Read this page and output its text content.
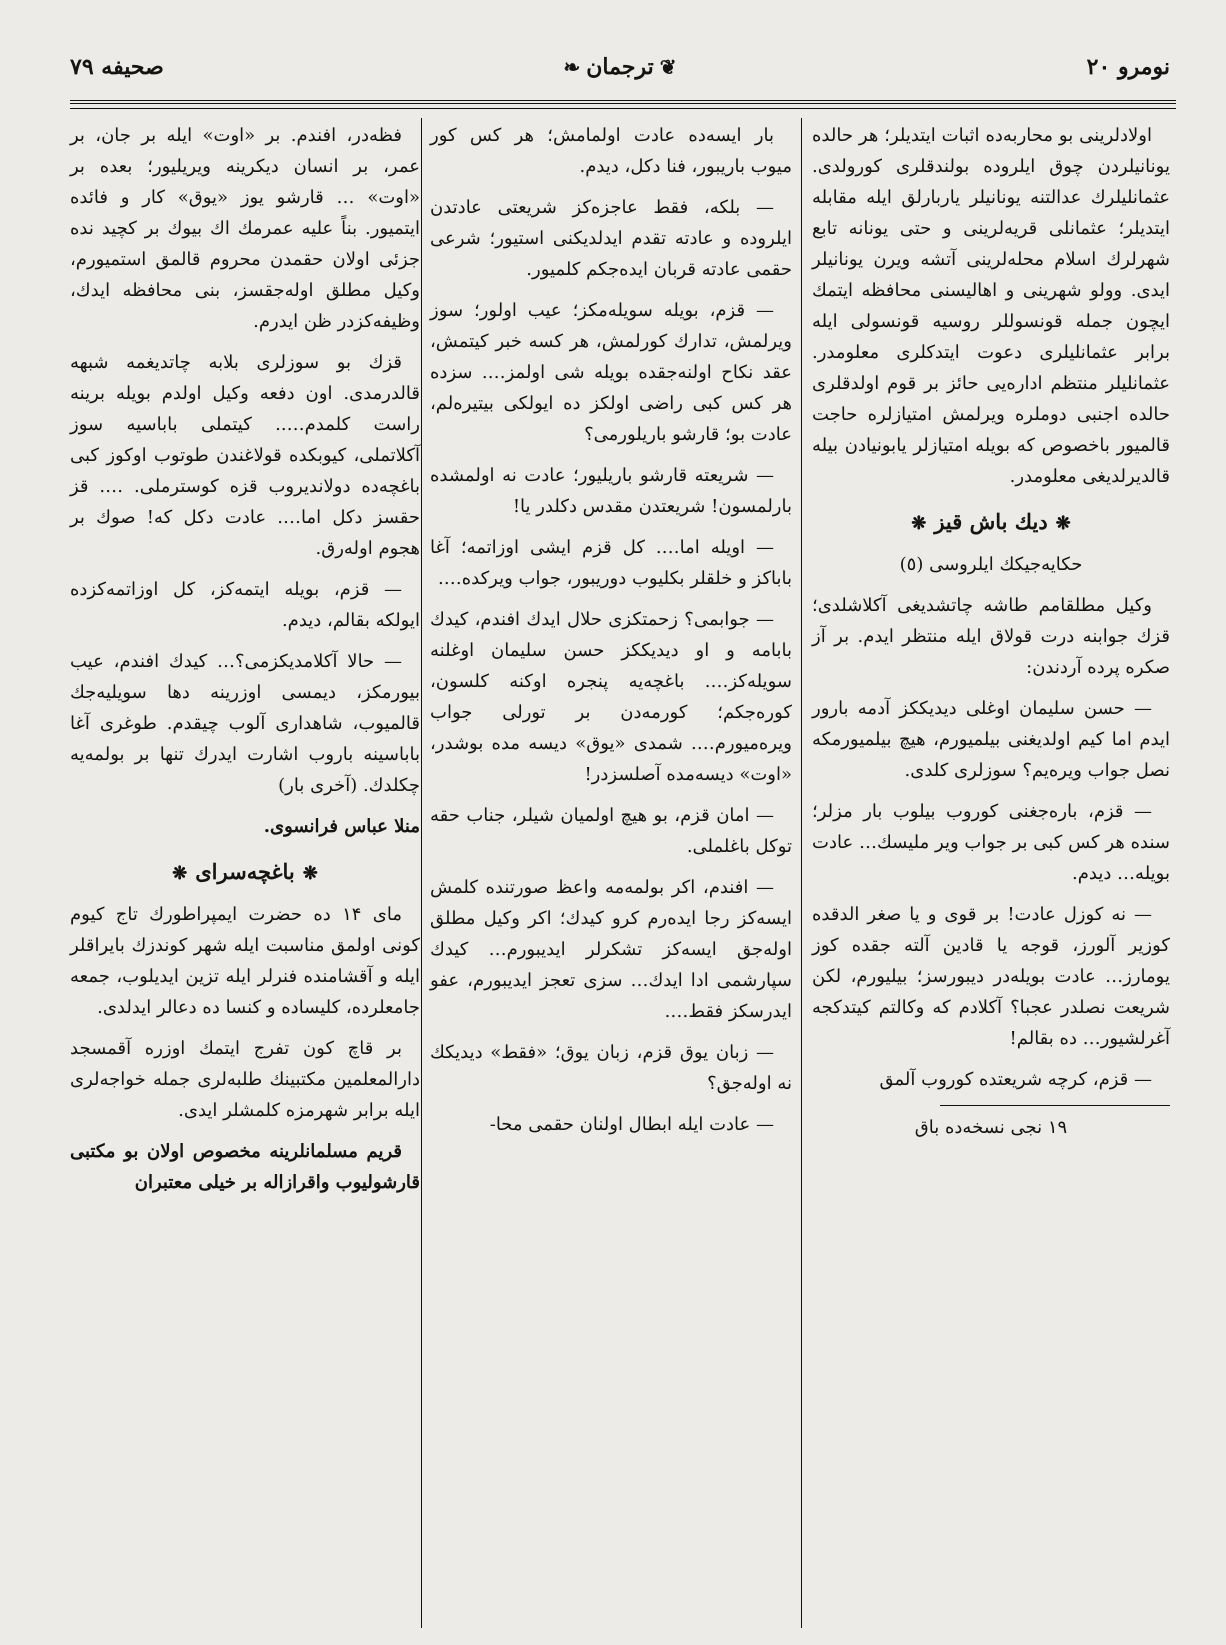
صحیفه ۷۹	❦ترجمان❧	نومرو ۲۰

اولادلرینی بو محاربه‌ده اثبات ایتدیلر؛ هر حالده یونانیلردن چوق ایلروده بولندقلری کورولدی. عثمانلیلرك عدالتنه یونانیلر یاربارلق ایله مقابله ایتدیلر؛ عثمانلی قریه‌لرینی و حتی یونانه تابع شهرلرك اسلام محله‌لرینی آتشه ویرن یونانیلر ایدی. وولو شهرینی و اهالیسنی محافظه ایتمك ایچون جمله قونسوللر روسیه قونسولی ایله برابر عثمانلیلری دعوت ایتدکلری معلومدر. عثمانلیلر منتظم اداره‌یی حائز بر قوم اولدقلری حالده اجنبی دوملره ویرلمش امتیازلره حاجت قالمیور باخصوص که بویله امتیازلر یابونیادن بیله قالدیرلدیغی معلومدر.

❋دیك باش قیز❋
حکایه‌جیکك ایلروسی (٥)

وکیل مطلقامم طاشه چاتشدیغی آکلاشلدی؛ قزك جوابنه درت قولاق ایله منتظر ایدم. بر آز صکره پرده آردندن:

— حسن سلیمان اوغلی دیدیککز آدمه بارور ایدم اما کیم اولدیغنی بیلمیورم، هیچ بیلمیورمکه نصل جواب ویره‌یم؟ سوزلری کلدی.

— قزم، باره‌جغنی کوروب بیلوب بار مزلر؛ سنده هر کس کبی بر جواب ویر ملیسك… عادت بویله… دیدم.

— نه کوزل عادت! بر قوی و یا صغر الدقده کوزیر آلورز، قوجه یا قادین آلته جقده کوز یومارز… عادت بویله‌در دیبورسز؛ بیلیورم، لکن شریعت نصلدر عجبا؟ آکلادم که وکالتم کیتدکجه آغرلشیور… ده بقالم!

— قزم، کرچه شریعتده کوروب آلمق

۱۹ نجی نسخه‌ده باق

بار ایسه‌ده عادت اولمامش؛ هر کس کور میوب باریبور، فنا دکل، دیدم.

— بلکه، فقط عاجزه‌کز شریعتی عادتدن ایلروده و عادته تقدم ایدلدیکنی استیور؛ شرعی حقمی عادته قربان ایده‌جکم کلمیور.

— قزم، بویله سویله‌مکز؛ عیب اولور؛ سوز ویرلمش، تدارك کورلمش، هر کسه خبر کیتمش، عقد نکاح اولنه‌جقده بویله شی اولمز…. سزده هر کس کبی راضی اولکز ده ایولکی بیتیره‌لم، عادت بو؛ قارشو باریلورمی؟

— شریعته قارشو باریلیور؛ عادت نه اولمشده بارلمسون! شریعتدن مقدس دکلدر یا!

— اویله اما…. کل قزم ایشی اوزاتمه؛ آغا باباکز و خلقلر بکلیوب دوریبور، جواب ویرکده….

— جوابمی؟ زحمتکزی حلال ایدك افندم، کیدك بابامه و او دیدیککز حسن سلیمان اوغلنه سویله‌کز…. باغچه‌یه پنجره اوکنه کلسون، کوره‌جکم؛ کورمه‌دن بر تورلی جواب ویره‌میورم…. شمدی «یوق» دیسه مده بوشدر، «اوت» دیسه‌مده آصلسزدر!

— امان قزم، بو هیچ اولمیان شیلر، جناب حقه توکل باغلملی.

— افندم، اکر بولمه‌مه واعظ صورتنده کلمش ایسه‌کز رجا ایده‌رم کرو کیدك؛ اکر وکیل مطلق اوله‌جق ایسه‌کز تشکرلر ایدیبورم… کیدك سپارشمی ادا ایدك… سزی تعجز ایدیبورم، عفو ایدرسکز فقط….

— زبان یوق قزم، زبان یوق؛ «فقط» دیدیکك نه اوله‌جق؟

— عادت ایله ابطال اولنان حقمی محا-

فظه‌در، افندم. بر «اوت» ایله بر جان، بر عمر، بر انسان دیکرینه ویریلیور؛ بعده بر «اوت» … قارشو یوز «یوق» کار و فائده ایتمیور. بناً علیه عمرمك اك بیوك بر کچید نده جزئی اولان حقمدن محروم قالمق استمیورم، وکیل مطلق اوله‌جقسز، بنی محافظه ایدك، وظیفه‌کزدر ظن ایدرم.

قزك بو سوزلری بلابه چاتدیغمه شبهه قالدرمدی. اون دفعه وکیل اولدم بویله برینه راست کلمدم….. کیتملی باباسیه سوز آکلاتملی، کیوبکده قولاغندن طوتوب اوکوز کبی باغچه‌ده دولاندیروب قزه کوسترملی. …. قز حقسز دکل اما…. عادت دکل که! صوك بر هجوم اوله‌رق.

— قزم، بویله ایتمه‌کز، کل اوزاتمه‌کزده ایولکه بقالم، دیدم.

— حالا آکلامدیکزمی؟… کیدك افندم، عیب بیورمکز، دیمسی اوزرینه دها سویلیه‌جك قالمیوب، شاهداری آلوب چیقدم. طوغری آغا باباسینه باروب اشارت ایدرك تنها بر بولمه‌یه چکلدك. (آخری بار)

منلا عباس فرانسوی.
❋باغچه‌سرای❋

مای ۱۴ ده حضرت ایمپراطورك تاج کیوم کونی اولمق مناسبت ایله شهر کوندزك بایراقلر ایله و آقشامنده فنرلر ایله تزین ایدیلوب، جمعه جامعلرده، کلیساده و کنسا ده دعالر ایدلدی.

بر قاچ کون تفرج ایتمك اوزره آقمسجد دارالمعلمین مکتبینك طلبه‌لری جمله خواجه‌لری ایله برابر شهرمزه کلمشلر ایدی.

قریم مسلمانلرینه مخصوص اولان بو مکتبی قارشولیوب واقرازاله بر خیلی معتبران
